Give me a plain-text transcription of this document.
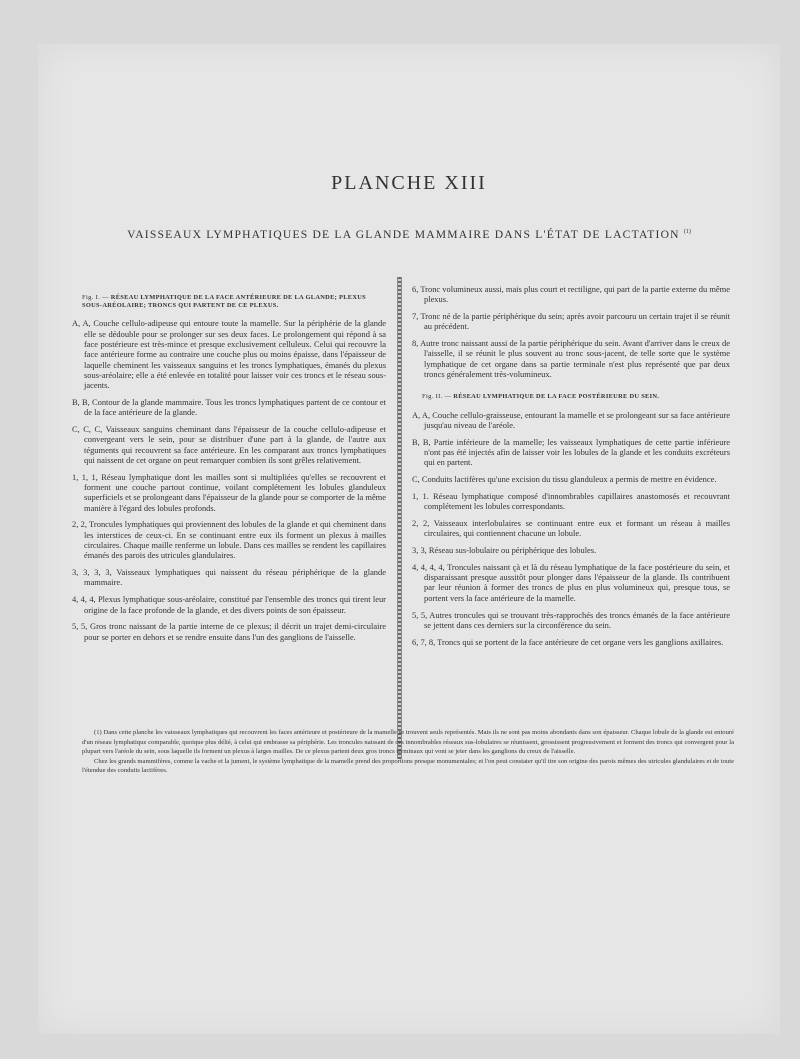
PLANCHE XIII
VAISSEAUX LYMPHATIQUES DE LA GLANDE MAMMAIRE DANS L'ÉTAT DE LACTATION $^{(1)}$
Fig. I. — RÉSEAU LYMPHATIQUE DE LA FACE ANTÉRIEURE DE LA GLANDE; PLEXUS SOUS-ARÉOLAIRE; TRONCS QUI PARTENT DE CE PLEXUS.

A, A, Couche cellulo-adipeuse qui entoure toute la mamelle. Sur la périphérie de la glande elle se dédouble pour se prolonger sur ses deux faces. Le prolongement qui répond à sa face postérieure est très-mince et presque exclusivement celluleux. Celui qui recouvre la face antérieure forme au contraire une couche plus ou moins épaisse, dans l'épaisseur de laquelle cheminent les vaisseaux sanguins et les troncs lymphatiques, émanés du plexus sous-aréolaire; elle a été enlevée en totalité pour laisser voir ces troncs et le réseau sous-jacents.

B, B, Contour de la glande mammaire. Tous les troncs lymphatiques partent de ce contour et de la face antérieure de la glande.

C, C, C, Vaisseaux sanguins cheminant dans l'épaisseur de la couche cellulo-adipeuse et convergeant vers le sein, pour se distribuer d'une part à la glande, de l'autre aux téguments qui recouvrent sa face antérieure. En les comparant aux troncs lymphatiques qui naissent de cet organe on peut remarquer combien ils sont grêles relativement.

1, 1, 1, Réseau lymphatique dont les mailles sont si multipliées qu'elles se recouvrent et forment une couche partout continue, voilant complétement les lobules glanduleux superficiels et se prolongeant dans l'épaisseur de la glande pour se comporter de la même manière à l'égard des lobules profonds.

2, 2, Troncules lymphatiques qui proviennent des lobules de la glande et qui cheminent dans les interstices de ceux-ci. En se continuant entre eux ils forment un plexus à mailles circulaires. Chaque maille renferme un lobule. Dans ces mailles se rendent les capillaires émanés des parois des utricules glandulaires.

3, 3, 3, 3, Vaisseaux lymphatiques qui naissent du réseau périphérique de la glande mammaire.

4, 4, 4, Plexus lymphatique sous-aréolaire, constitué par l'ensemble des troncs qui tirent leur origine de la face profonde de la glande, et des divers points de son épaisseur.

5, 5, Gros tronc naissant de la partie interne de ce plexus; il décrit un trajet demi-circulaire pour se porter en dehors et se rendre ensuite dans l'un des ganglions de l'aisselle.

6, Tronc volumineux aussi, mais plus court et rectiligne, qui part de la partie externe du même plexus.

7, Tronc né de la partie périphérique du sein; après avoir parcouru un certain trajet il se réunit au précédent.

8, Autre tronc naissant aussi de la partie périphérique du sein. Avant d'arriver dans le creux de l'aisselle, il se réunit le plus souvent au tronc sous-jacent, de telle sorte que le système lymphatique de cet organe dans sa partie terminale n'est plus représenté que par deux troncs généralement très-volumineux.

Fig. II. — RÉSEAU LYMPHATIQUE DE LA FACE POSTÉRIEURE DU SEIN.

A, A, Couche cellulo-graisseuse, entourant la mamelle et se prolongeant sur sa face antérieure jusqu'au niveau de l'aréole.

B, B, Partie inférieure de la mamelle; les vaisseaux lymphatiques de cette partie inférieure n'ont pas été injectés afin de laisser voir les lobules de la glande et les conduits excréteurs qui en partent.

C, Conduits lactifères qu'une excision du tissu glanduleux a permis de mettre en évidence.

1, 1. Réseau lymphatique composé d'innombrables capillaires anastomosés et recouvrant complétement les lobules correspondants.

2, 2, Vaisseaux interlobulaires se continuant entre eux et formant un réseau à mailles circulaires, qui contiennent chacune un lobule.

3, 3, Réseau sus-lobulaire ou périphérique des lobules.

4, 4, 4, 4, Troncules naissant çà et là du réseau lymphatique de la face postérieure du sein, et disparaissant presque aussitôt pour plonger dans l'épaisseur de la glande. Ils contribuent par leur réunion à former des troncs de plus en plus volumineux qui, presque tous, se portent vers la face antérieure de la mamelle.

5, 5, Autres troncules qui se trouvant très-rapprochés des troncs émanés de la face antérieure se jettent dans ces derniers sur la circonférence du sein.

6, 7, 8, Troncs qui se portent de la face antérieure de cet organe vers les ganglions axillaires.

(1) Dans cette planche les vaisseaux lymphatiques qui recouvrent les faces antérieure et postérieure de la mamelle se trouvent seuls représentés. Mais ils ne sont pas moins abondants dans son épaisseur. Chaque lobule de la glande est entouré d'un réseau lymphatique comparable, quoique plus délié, à celui qui embrasse sa périphérie. Les troncules naissant de ces innombrables réseaux sus-lobulaires se réunissent, grossissent progressivement et forment des troncs qui convergent pour la plupart vers l'aréole du sein, sous laquelle ils forment un plexus à larges mailles. De ce plexus partent deux gros troncs terminaux qui vont se jeter dans les ganglions du creux de l'aisselle.

Chez les grands mammifères, comme la vache et la jument, le système lymphatique de la mamelle prend des proportions presque monumentales; et l'on peut constater qu'il tire son origine des parois mêmes des utricules glandulaires et de toute l'étendue des conduits lactifères.
